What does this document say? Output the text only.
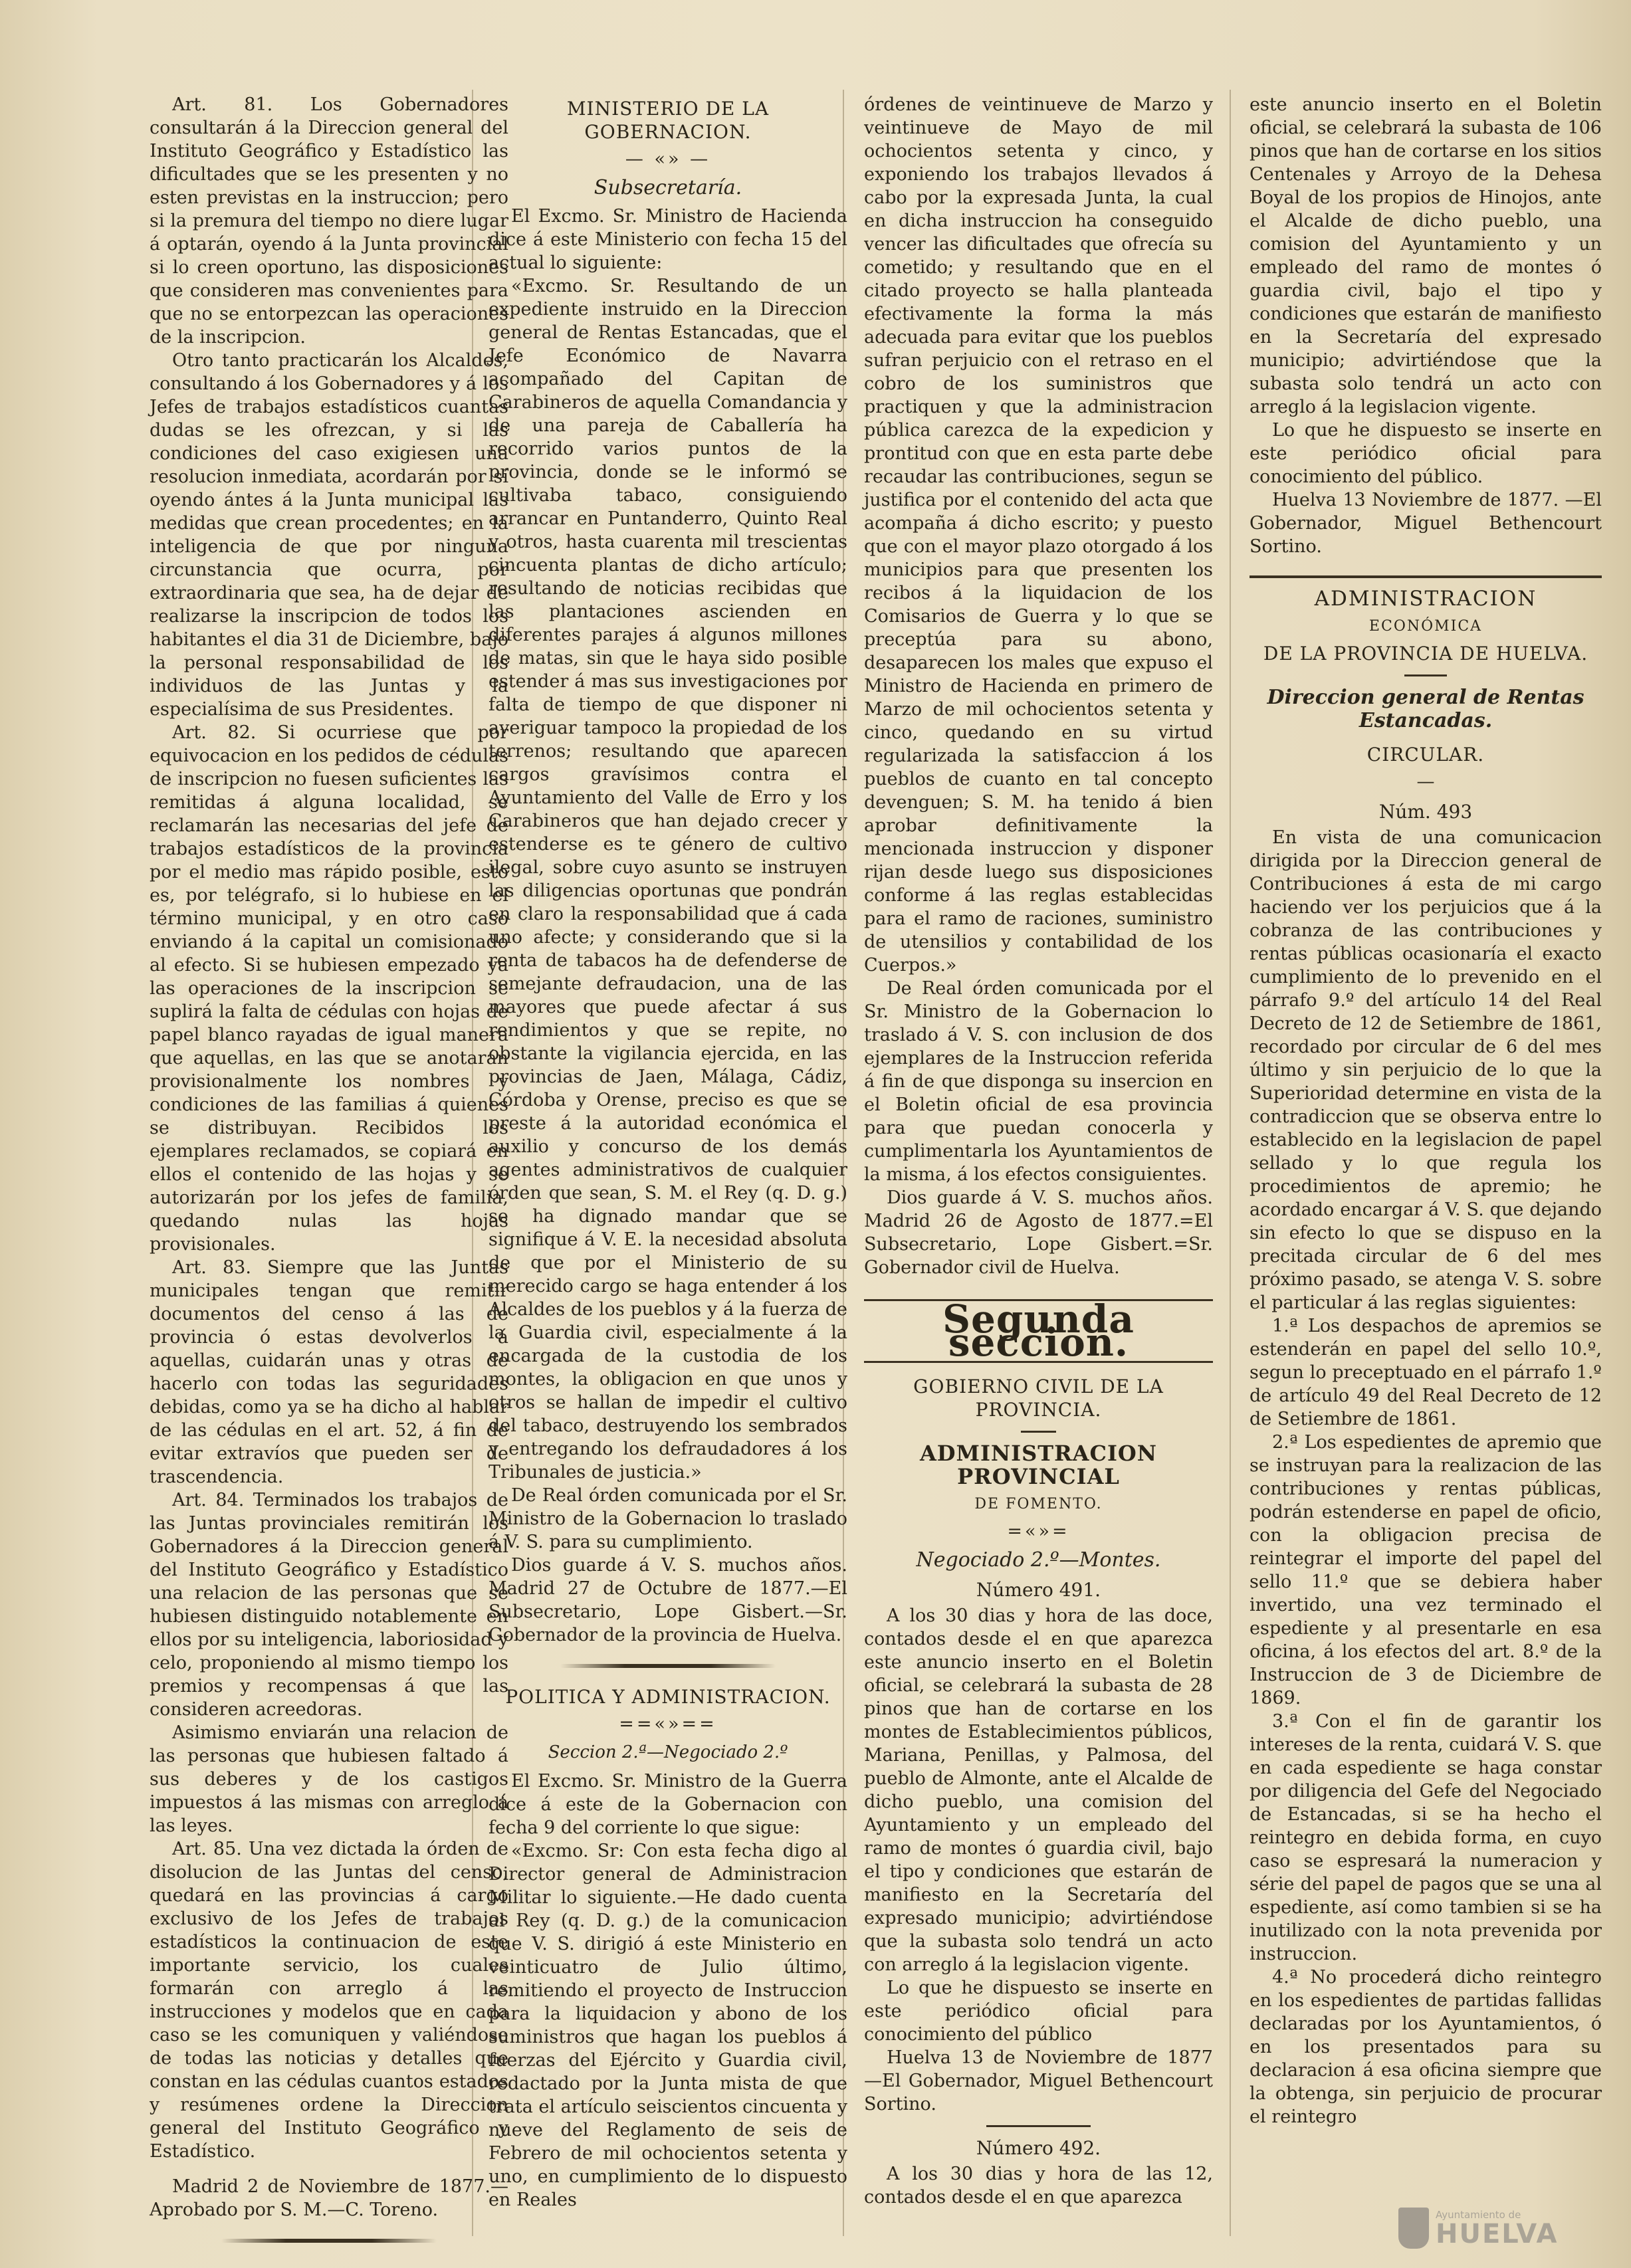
Art. 81. Los Gobernadores consultarán á la Direccion general del Instituto Geográfico y Estadístico las dificultades que se les presenten y no esten previstas en la instruccion; pero si la premura del tiempo no diere lugar á optarán, oyendo á la Junta provincial si lo creen oportuno, las disposiciones que consideren mas convenientes para que no se entorpezcan las operaciones de la inscripcion.

Otro tanto practicarán los Alcaldes, consultando á los Gobernadores y á los Jefes de trabajos estadísticos cuantas dudas se les ofrezcan, y si las condiciones del caso exigiesen una resolucion inmediata, acordarán por sí oyendo ántes á la Junta municipal las medidas que crean procedentes; en la inteligencia de que por ninguna circunstancia que ocurra, por extraordinaria que sea, ha de dejar de realizarse la inscripcion de todos los habitantes el dia 31 de Diciembre, bajo la personal responsabilidad de los individuos de las Juntas y la especialísima de sus Presidentes.

Art. 82. Si ocurriese que por equivocacion en los pedidos de cédulas de inscripcion no fuesen suficientes las remitidas á alguna localidad, se reclamarán las necesarias del jefe de trabajos estadísticos de la provincia por el medio mas rápido posible, esto es, por telégrafo, si lo hubiese en el término municipal, y en otro caso enviando á la capital un comisionado al efecto. Si se hubiesen empezado ya las operaciones de la inscripcion se suplirá la falta de cédulas con hojas de papel blanco rayadas de igual manera que aquellas, en las que se anotarán provisionalmente los nombres y condiciones de las familias á quienes se distribuyan. Recibidos los ejemplares reclamados, se copiará en ellos el contenido de las hojas y se autorizarán por los jefes de familia, quedando nulas las hojas provisionales.

Art. 83. Siempre que las Juntas municipales tengan que remitir documentos del censo á las de provincia ó estas devolverlos á aquellas, cuidarán unas y otras de hacerlo con todas las seguridades debidas, como ya se ha dicho al hablar de las cédulas en el art. 52, á fin de evitar extravíos que pueden ser de trascendencia.

Art. 84. Terminados los trabajos de las Juntas provinciales remitirán los Gobernadores á la Direccion general del Instituto Geográfico y Estadístico una relacion de las personas que se hubiesen distinguido notablemente en ellos por su inteligencia, laboriosidad y celo, proponiendo al mismo tiempo los premios y recompensas á que las consideren acreedoras.

Asimismo enviarán una relacion de las personas que hubiesen faltado á sus deberes y de los castigos impuestos á las mismas con arreglo á las leyes.

Art. 85. Una vez dictada la órden de disolucion de las Juntas del censo, quedará en las provincias á cargo exclusivo de los Jefes de trabajos estadísticos la continuacion de este importante servicio, los cuales formarán con arreglo á las instrucciones y modelos que en cada caso se les comuniquen y valiéndose de todas las noticias y detalles que constan en las cédulas cuantos estados y resúmenes ordene la Direccion general del Instituto Geográfico y Estadístico.

Madrid 2 de Noviembre de 1877.— Aprobado por S. M.—C. Toreno.

MINISTERIO DE LA GOBERNACION.
— «» —
Subsecretaría.

El Excmo. Sr. Ministro de Hacienda dice á este Ministerio con fecha 15 del actual lo siguiente:

«Excmo. Sr. Resultando de un expediente instruido en la Direccion general de Rentas Estancadas, que el Jefe Económico de Navarra acompañado del Capitan de Carabineros de aquella Comandancia y de una pareja de Caballería ha recorrido varios puntos de la provincia, donde se le informó se cultivaba tabaco, consiguiendo arrancar en Puntanderro, Quinto Real y otros, hasta cuarenta mil trescientas cincuenta plantas de dicho artículo; resultando de noticias recibidas que las plantaciones ascienden en diferentes parajes á algunos millones de matas, sin que le haya sido posible estender á mas sus investigaciones por falta de tiempo de que disponer ni averiguar tampoco la propiedad de los terrenos; resultando que aparecen cargos gravísimos contra el Ayuntamiento del Valle de Erro y los Carabineros que han dejado crecer y estenderse es te género de cultivo ilegal, sobre cuyo asunto se instruyen las diligencias oportunas que pondrán en claro la responsabilidad que á cada uno afecte; y considerando que si la renta de tabacos ha de defenderse de semejante defraudacion, una de las mayores que puede afectar á sus rendimientos y que se repite, no obstante la vigilancia ejercida, en las provincias de Jaen, Málaga, Cádiz, Córdoba y Orense, preciso es que se preste á la autoridad económica el auxilio y concurso de los demás agentes administrativos de cualquier órden que sean, S. M. el Rey (q. D. g.) se ha dignado mandar que se signifique á V. E. la necesidad absoluta de que por el Ministerio de su merecido cargo se haga entender á los Alcaldes de los pueblos y á la fuerza de la Guardia civil, especialmente á la encargada de la custodia de los montes, la obligacion en que unos y otros se hallan de impedir el cultivo del tabaco, destruyendo los sembrados y entregando los defraudadores á los Tribunales de justicia.»

De Real órden comunicada por el Sr. Ministro de la Gobernacion lo traslado á V. S. para su cumplimiento.

Dios guarde á V. S. muchos años. Madrid 27 de Octubre de 1877.—El Subsecretario, Lope Gisbert.—Sr. Gobernador de la provincia de Huelva.

POLITICA Y ADMINISTRACION.
==«»==
Seccion 2.ª—Negociado 2.º

El Excmo. Sr. Ministro de la Guerra dice á este de la Gobernacion con fecha 9 del corriente lo que sigue:

«Excmo. Sr: Con esta fecha digo al Director general de Administracion Militar lo siguiente.—He dado cuenta al Rey (q. D. g.) de la comunicacion que V. S. dirigió á este Ministerio en veinticuatro de Julio último, remitiendo el proyecto de Instruccion para la liquidacion y abono de los suministros que hagan los pueblos á fuerzas del Ejército y Guardia civil, redactado por la Junta mista de que trata el artículo seiscientos cincuenta y nueve del Reglamento de seis de Febrero de mil ochocientos setenta y uno, en cumplimiento de lo dispuesto en Reales

órdenes de veintinueve de Marzo y veintinueve de Mayo de mil ochocientos setenta y cinco, y exponiendo los trabajos llevados á cabo por la expresada Junta, la cual en dicha instruccion ha conseguido vencer las dificultades que ofrecía su cometido; y resultando que en el citado proyecto se halla planteada efectivamente la forma la más adecuada para evitar que los pueblos sufran perjuicio con el retraso en el cobro de los suministros que practiquen y que la administracion pública carezca de la expedicion y prontitud con que en esta parte debe recaudar las contribuciones, segun se justifica por el contenido del acta que acompaña á dicho escrito; y puesto que con el mayor plazo otorgado á los municipios para que presenten los recibos á la liquidacion de los Comisarios de Guerra y lo que se preceptúa para su abono, desaparecen los males que expuso el Ministro de Hacienda en primero de Marzo de mil ochocientos setenta y cinco, quedando en su virtud regularizada la satisfaccion á los pueblos de cuanto en tal concepto devenguen; S. M. ha tenido á bien aprobar definitivamente la mencionada instruccion y disponer rijan desde luego sus disposiciones conforme á las reglas establecidas para el ramo de raciones, suministro de utensilios y contabilidad de los Cuerpos.»

De Real órden comunicada por el Sr. Ministro de la Gobernacion lo traslado á V. S. con inclusion de dos ejemplares de la Instruccion referida á fin de que disponga su insercion en el Boletin oficial de esa provincia para que puedan conocerla y cumplimentarla los Ayuntamientos de la misma, á los efectos consiguientes.

Dios guarde á V. S. muchos años. Madrid 26 de Agosto de 1877.=El Subsecretario, Lope Gisbert.=Sr. Gobernador civil de Huelva.

Segunda seccion.
GOBIERNO CIVIL DE LA PROVINCIA.
ADMINISTRACION PROVINCIAL
DE FOMENTO.
=«»=
Negociado 2.º—Montes.
Número 491.

A los 30 dias y hora de las doce, contados desde el en que aparezca este anuncio inserto en el Boletin oficial, se celebrará la subasta de 28 pinos que han de cortarse en los montes de Establecimientos públicos, Mariana, Penillas, y Palmosa, del pueblo de Almonte, ante el Alcalde de dicho pueblo, una comision del Ayuntamiento y un empleado del ramo de montes ó guardia civil, bajo el tipo y condiciones que estarán de manifiesto en la Secretaría del expresado municipio; advirtiéndose que la subasta solo tendrá un acto con arreglo á la legislacion vigente.

Lo que he dispuesto se inserte en este periódico oficial para conocimiento del público

Huelva 13 de Noviembre de 1877 —El Gobernador, Miguel Bethencourt Sortino.

Número 492.

A los 30 dias y hora de las 12, contados desde el en que aparezca

este anuncio inserto en el Boletin oficial, se celebrará la subasta de 106 pinos que han de cortarse en los sitios Centenales y Arroyo de la Dehesa Boyal de los propios de Hinojos, ante el Alcalde de dicho pueblo, una comision del Ayuntamiento y un empleado del ramo de montes ó guardia civil, bajo el tipo y condiciones que estarán de manifiesto en la Secretaría del expresado municipio; advirtiéndose que la subasta solo tendrá un acto con arreglo á la legislacion vigente.

Lo que he dispuesto se inserte en este periódico oficial para conocimiento del público.

Huelva 13 Noviembre de 1877. —El Gobernador, Miguel Bethencourt Sortino.

ADMINISTRACION
ECONÓMICA
DE LA PROVINCIA DE HUELVA.
Direccion general de Rentas Estancadas.
CIRCULAR.
—
Núm. 493

En vista de una comunicacion dirigida por la Direccion general de Contribuciones á esta de mi cargo haciendo ver los perjuicios que á la cobranza de las contribuciones y rentas públicas ocasionaría el exacto cumplimiento de lo prevenido en el párrafo 9.º del artículo 14 del Real Decreto de 12 de Setiembre de 1861, recordado por circular de 6 del mes último y sin perjuicio de lo que la Superioridad determine en vista de la contradiccion que se observa entre lo establecido en la legislacion de papel sellado y lo que regula los procedimientos de apremio; he acordado encargar á V. S. que dejando sin efecto lo que se dispuso en la precitada circular de 6 del mes próximo pasado, se atenga V. S. sobre el particular á las reglas siguientes:

1.ª Los despachos de apremios se estenderán en papel del sello 10.º, segun lo preceptuado en el párrafo 1.º de artículo 49 del Real Decreto de 12 de Setiembre de 1861.

2.ª Los espedientes de apremio que se instruyan para la realizacion de las contribuciones y rentas públicas, podrán estenderse en papel de oficio, con la obligacion precisa de reintegrar el importe del papel del sello 11.º que se debiera haber invertido, una vez terminado el espediente y al presentarle en esa oficina, á los efectos del art. 8.º de la Instruccion de 3 de Diciembre de 1869.

3.ª Con el fin de garantir los intereses de la renta, cuidará V. S. que en cada espediente se haga constar por diligencia del Gefe del Negociado de Estancadas, si se ha hecho el reintegro en debida forma, en cuyo caso se espresará la numeracion y série del papel de pagos que se una al espediente, así como tambien si se ha inutilizado con la nota prevenida por instruccion.

4.ª No procederá dicho reintegro en los espedientes de partidas fallidas declaradas por los Ayuntamientos, ó en los presentados para su declaracion á esa oficina siempre que la obtenga, sin perjuicio de procurar el reintegro

Ayuntamiento de
HUELVA
